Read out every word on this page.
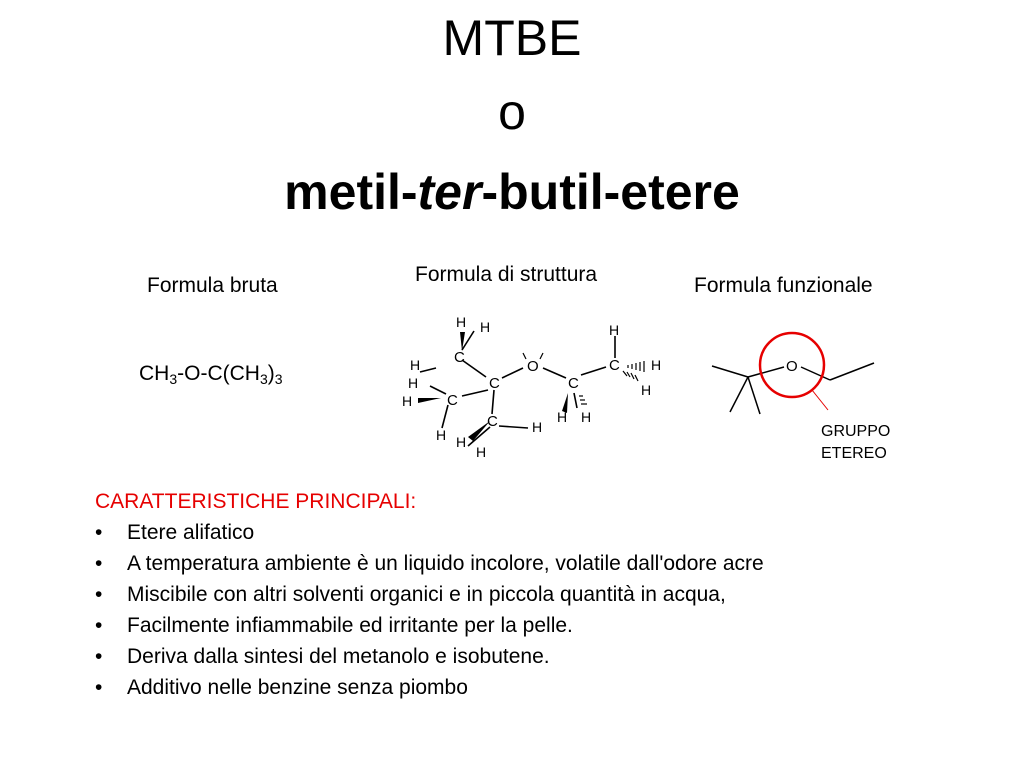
MTBE
o
metil-ter-butil-etere
Formula bruta	Formula di struttura	Formula funzionale
$CH_3-O-C(CH_3)_3$
C
C
C
C
C
C
O
H H
H
H
H
H H
H
H
H H
H
H
H
O
GRUPPO
ETEREO
CARATTERISTICHE PRINCIPALI:
• Etere alifatico
• A temperatura ambiente è un liquido incolore, volatile dall'odore acre
• Miscibile con altri solventi organici e in piccola quantità in acqua,
• Facilmente infiammabile ed irritante per la pelle.
• Deriva dalla sintesi del metanolo e isobutene.
• Additivo nelle benzine senza piombo
